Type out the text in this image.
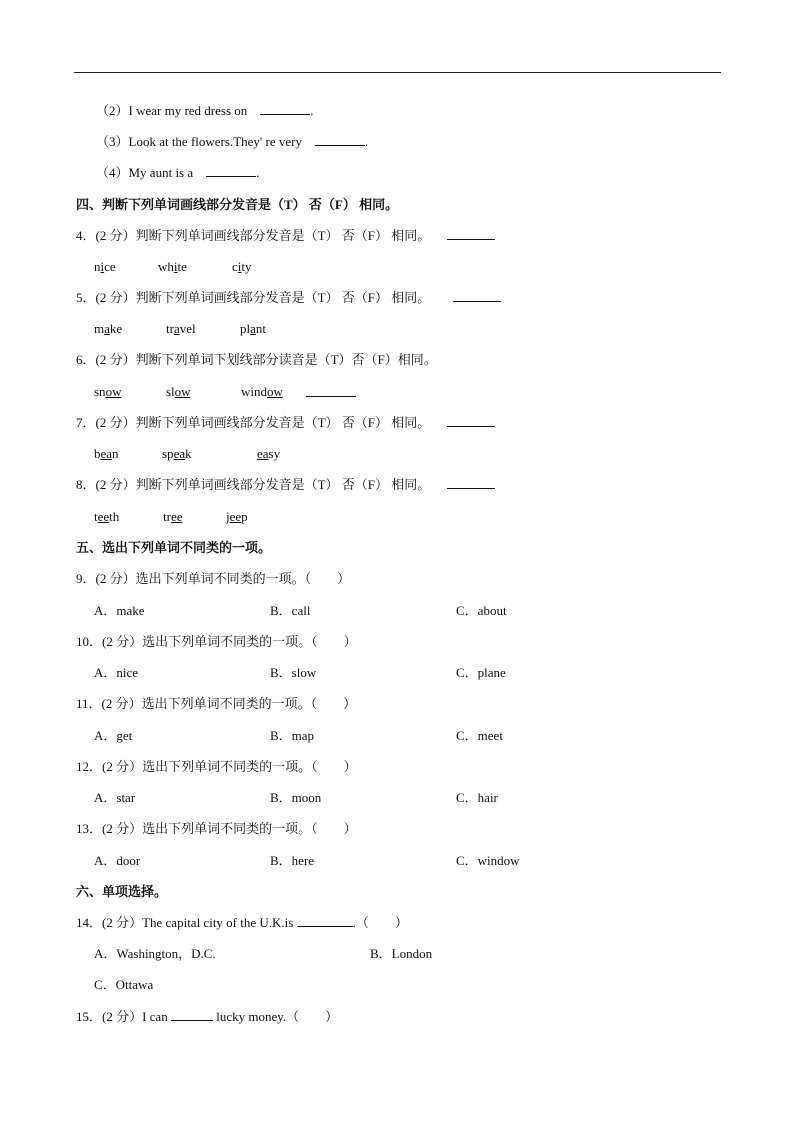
（2）I wear my red dress on	.
（3）Look at the flowers.They' re very	.
（4）My aunt is a	.
四、判断下列单词画线部分发音是（T） 否（F） 相同。
4．(2 分）判断下列单词画线部分发音是（T） 否（F） 相同。
nice	white	city
5．(2 分）判断下列单词画线部分发音是（T） 否（F） 相同。
make	travel	plant
6．(2 分）判断下列单词下划线部分读音是（T）否（F）相同。
snow	slow	window
7．(2 分）判断下列单词画线部分发音是（T） 否（F） 相同。
bean	speak	easy
8．(2 分）判断下列单词画线部分发音是（T） 否（F） 相同。
teeth	tree	jeep
五、选出下列单词不同类的一项。
9．(2 分）选出下列单词不同类的一项。（　　）
A．make	B．call	C．about
10．(2 分）选出下列单词不同类的一项。（　　）
A．nice	B．slow	C．plane
11．(2 分）选出下列单词不同类的一项。（　　）
A．get	B．map	C．meet
12．(2 分）选出下列单词不同类的一项。（　　）
A．star	B．moon	C．hair
13．(2 分）选出下列单词不同类的一项。（　　）
A．door	B．here	C．window
六、单项选择。
14．(2 分）The capital city of the U.K.is	.（　　）
A．Washington，D.C.	B．London
C．Ottawa
15．(2 分）I can	lucky money.（　　）
